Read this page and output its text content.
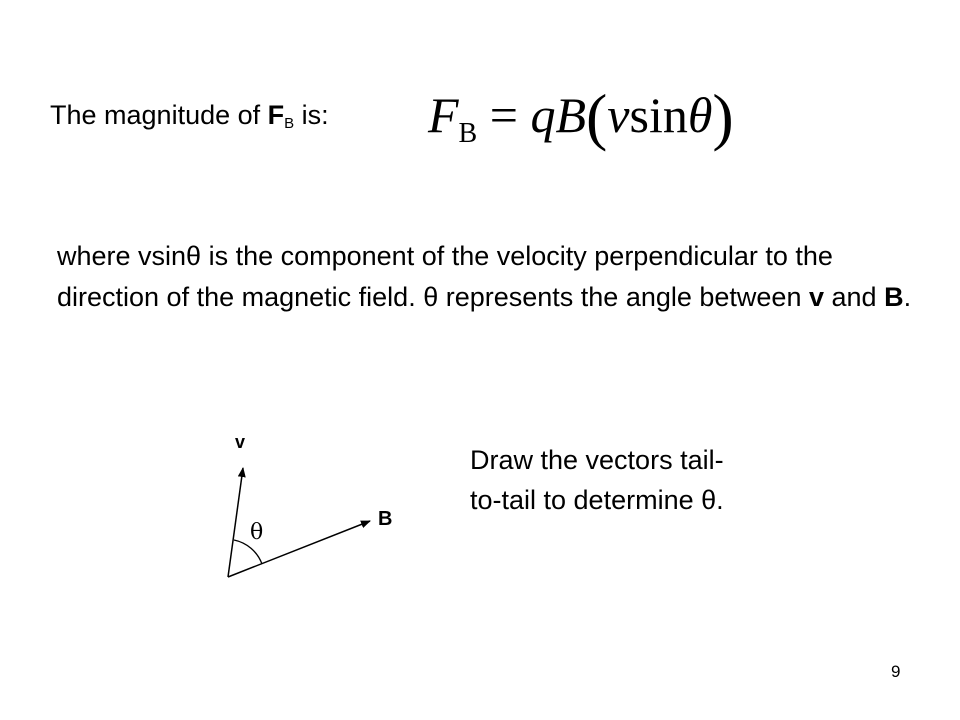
The magnitude of $F_B$ is: $F_B = qB(vsin\theta)$
where vsinθ is the component of the velocity perpendicular to the direction of the magnetic field. θ represents the angle between v and B.
v
B
θ
Draw the vectors tail-
to-tail to determine θ.
9
